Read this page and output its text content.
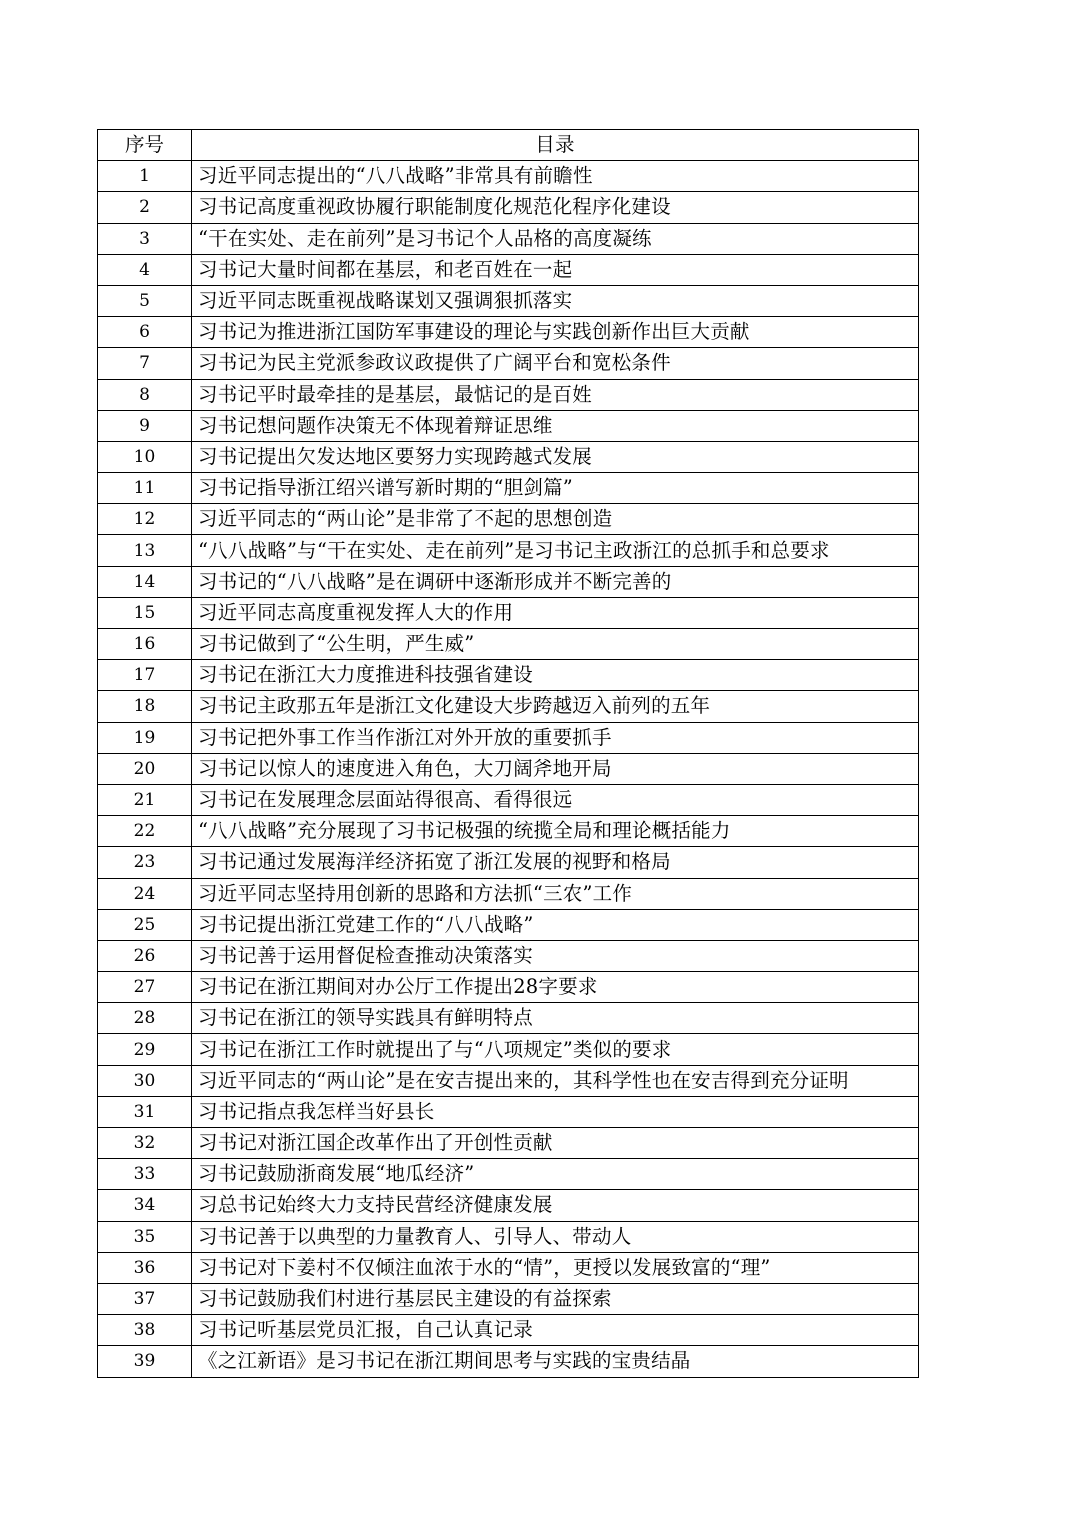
序号	目录
1	习近平同志提出的“八八战略”非常具有前瞻性
2	习书记高度重视政协履行职能制度化规范化程序化建设
3	“干在实处、走在前列”是习书记个人品格的高度凝练
4	习书记大量时间都在基层，和老百姓在一起
5	习近平同志既重视战略谋划又强调狠抓落实
6	习书记为推进浙江国防军事建设的理论与实践创新作出巨大贡献
7	习书记为民主党派参政议政提供了广阔平台和宽松条件
8	习书记平时最牵挂的是基层，最惦记的是百姓
9	习书记想问题作决策无不体现着辩证思维
10	习书记提出欠发达地区要努力实现跨越式发展
11	习书记指导浙江绍兴谱写新时期的“胆剑篇”
12	习近平同志的“两山论”是非常了不起的思想创造
13	“八八战略”与“干在实处、走在前列”是习书记主政浙江的总抓手和总要求
14	习书记的“八八战略”是在调研中逐渐形成并不断完善的
15	习近平同志高度重视发挥人大的作用
16	习书记做到了“公生明，严生威”
17	习书记在浙江大力度推进科技强省建设
18	习书记主政那五年是浙江文化建设大步跨越迈入前列的五年
19	习书记把外事工作当作浙江对外开放的重要抓手
20	习书记以惊人的速度进入角色，大刀阔斧地开局
21	习书记在发展理念层面站得很高、看得很远
22	“八八战略”充分展现了习书记极强的统揽全局和理论概括能力
23	习书记通过发展海洋经济拓宽了浙江发展的视野和格局
24	习近平同志坚持用创新的思路和方法抓“三农”工作
25	习书记提出浙江党建工作的“八八战略”
26	习书记善于运用督促检查推动决策落实
27	习书记在浙江期间对办公厅工作提出28字要求
28	习书记在浙江的领导实践具有鲜明特点
29	习书记在浙江工作时就提出了与“八项规定”类似的要求
30	习近平同志的“两山论”是在安吉提出来的，其科学性也在安吉得到充分证明
31	习书记指点我怎样当好县长
32	习书记对浙江国企改革作出了开创性贡献
33	习书记鼓励浙商发展“地瓜经济”
34	习总书记始终大力支持民营经济健康发展
35	习书记善于以典型的力量教育人、引导人、带动人
36	习书记对下姜村不仅倾注血浓于水的“情”，更授以发展致富的“理”
37	习书记鼓励我们村进行基层民主建设的有益探索
38	习书记听基层党员汇报，自己认真记录
39	《之江新语》是习书记在浙江期间思考与实践的宝贵结晶
